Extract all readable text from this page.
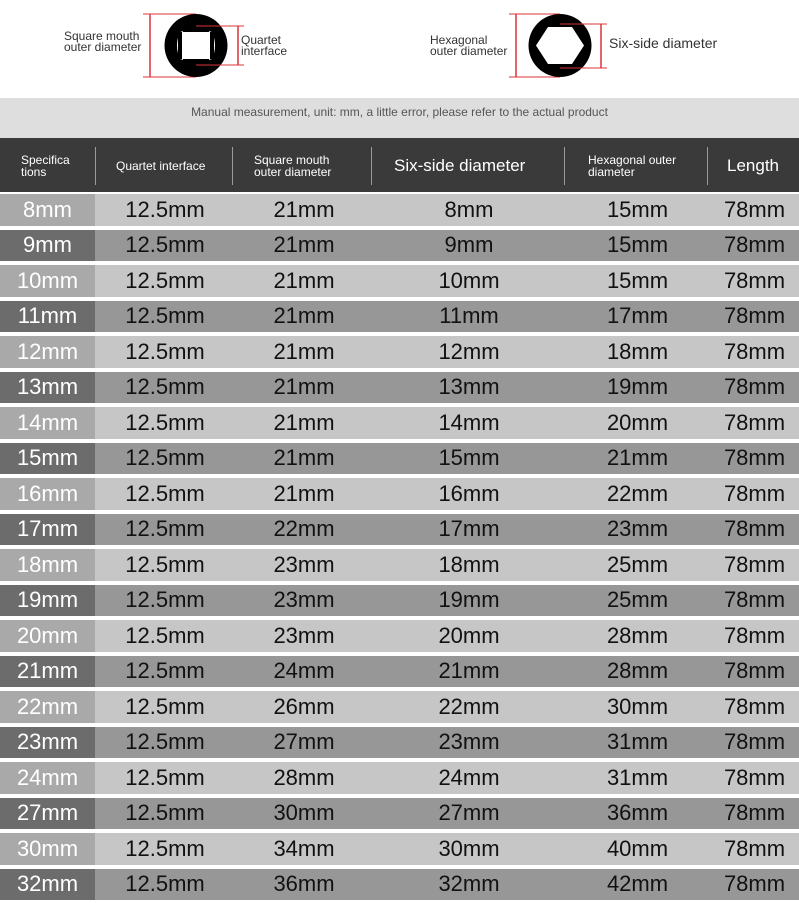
Square mouth
outer diameter	Quartet
interface
Hexagonal
outer diameter	Six-side diameter
Manual measurement, unit: mm, a little error, please refer to the actual product
Specifica
tions	Quartet interface	Square mouth
outer diameter	Six-side diameter	Hexagonal outer
diameter	Length
8mm	12.5mm	21mm	8mm	15mm	78mm
9mm	12.5mm	21mm	9mm	15mm	78mm
10mm	12.5mm	21mm	10mm	15mm	78mm
11mm	12.5mm	21mm	11mm	17mm	78mm
12mm	12.5mm	21mm	12mm	18mm	78mm
13mm	12.5mm	21mm	13mm	19mm	78mm
14mm	12.5mm	21mm	14mm	20mm	78mm
15mm	12.5mm	21mm	15mm	21mm	78mm
16mm	12.5mm	21mm	16mm	22mm	78mm
17mm	12.5mm	22mm	17mm	23mm	78mm
18mm	12.5mm	23mm	18mm	25mm	78mm
19mm	12.5mm	23mm	19mm	25mm	78mm
20mm	12.5mm	23mm	20mm	28mm	78mm
21mm	12.5mm	24mm	21mm	28mm	78mm
22mm	12.5mm	26mm	22mm	30mm	78mm
23mm	12.5mm	27mm	23mm	31mm	78mm
24mm	12.5mm	28mm	24mm	31mm	78mm
27mm	12.5mm	30mm	27mm	36mm	78mm
30mm	12.5mm	34mm	30mm	40mm	78mm
32mm	12.5mm	36mm	32mm	42mm	78mm
